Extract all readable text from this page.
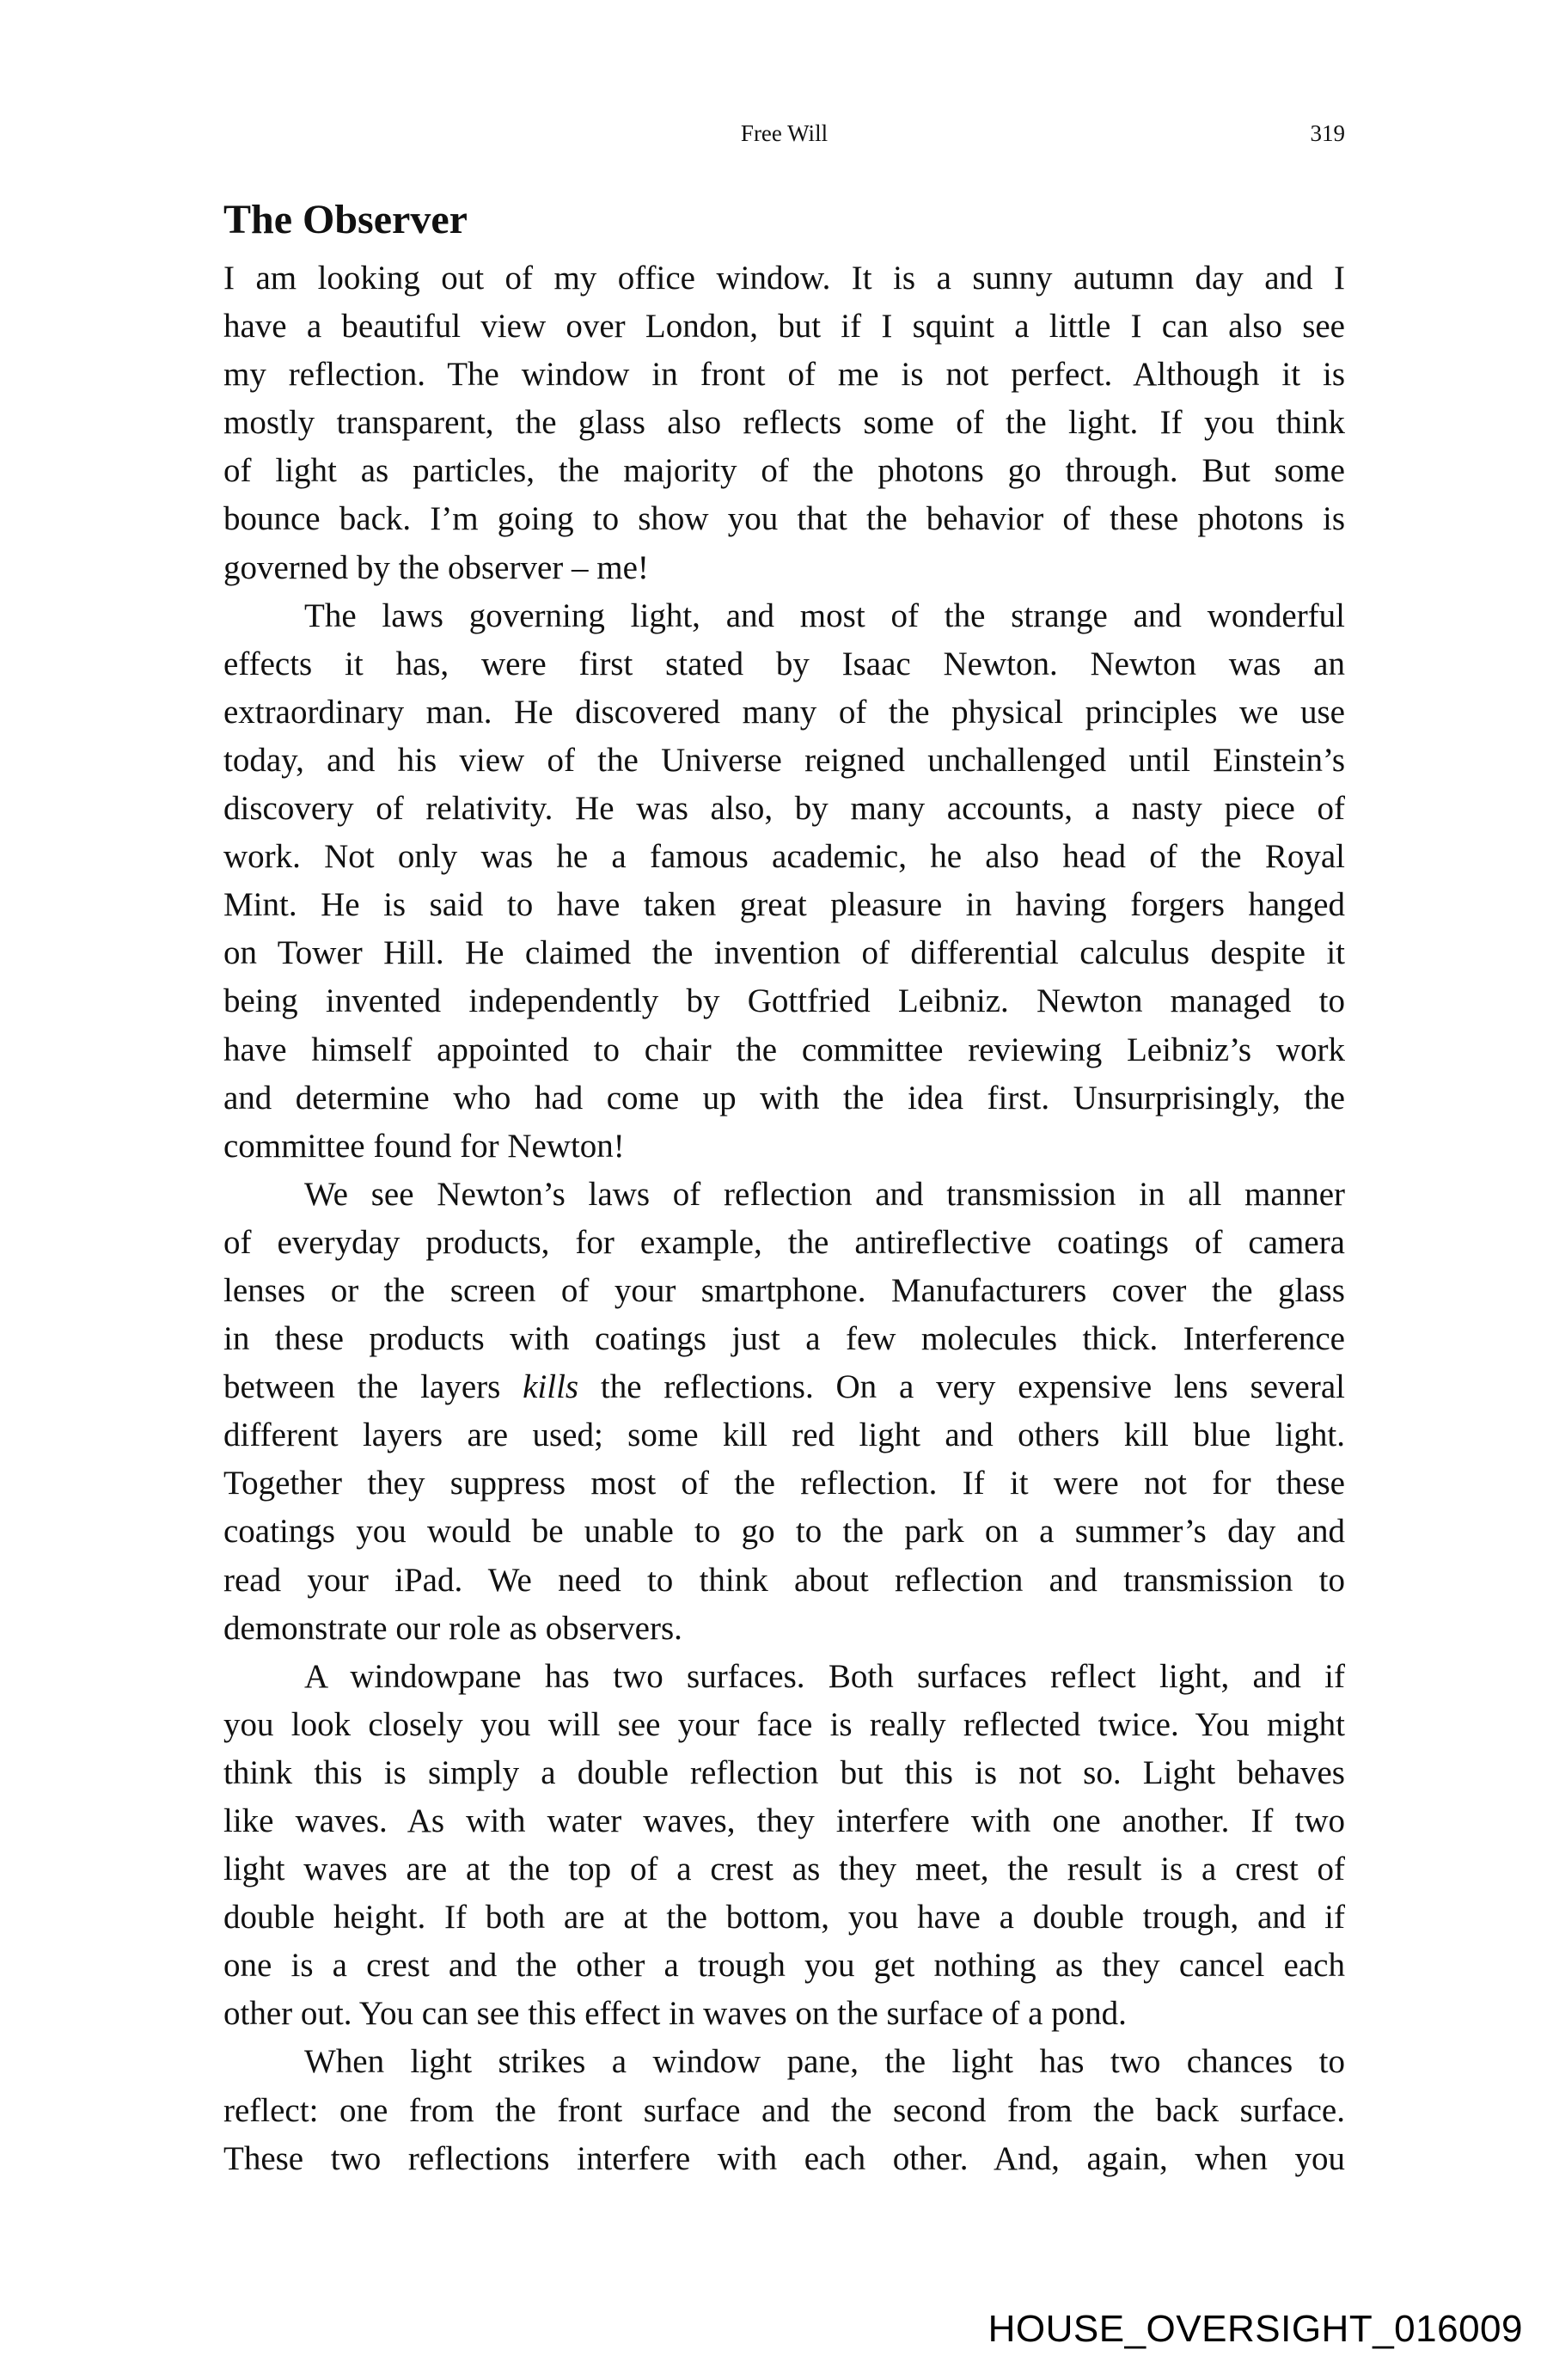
Free Will	319
The Observer
I am looking out of my office window. It is a sunny autumn day and I
have a beautiful view over London, but if I squint a little I can also see
my reflection. The window in front of me is not perfect. Although it is
mostly transparent, the glass also reflects some of the light. If you think
of light as particles, the majority of the photons go through. But some
bounce back. I’m going to show you that the behavior of these photons is
governed by the observer – me!
The laws governing light, and most of the strange and wonderful
effects it has, were first stated by Isaac Newton. Newton was an
extraordinary man. He discovered many of the physical principles we use
today, and his view of the Universe reigned unchallenged until Einstein’s
discovery of relativity. He was also, by many accounts, a nasty piece of
work. Not only was he a famous academic, he also head of the Royal
Mint. He is said to have taken great pleasure in having forgers hanged
on Tower Hill. He claimed the invention of differential calculus despite it
being invented independently by Gottfried Leibniz. Newton managed to
have himself appointed to chair the committee reviewing Leibniz’s work
and determine who had come up with the idea first. Unsurprisingly, the
committee found for Newton!
We see Newton’s laws of reflection and transmission in all manner
of everyday products, for example, the antireflective coatings of camera
lenses or the screen of your smartphone. Manufacturers cover the glass
in these products with coatings just a few molecules thick. Interference
between the layers kills the reflections. On a very expensive lens several
different layers are used; some kill red light and others kill blue light.
Together they suppress most of the reflection. If it were not for these
coatings you would be unable to go to the park on a summer’s day and
read your iPad. We need to think about reflection and transmission to
demonstrate our role as observers.
A windowpane has two surfaces. Both surfaces reflect light, and if
you look closely you will see your face is really reflected twice. You might
think this is simply a double reflection but this is not so. Light behaves
like waves. As with water waves, they interfere with one another. If two
light waves are at the top of a crest as they meet, the result is a crest of
double height. If both are at the bottom, you have a double trough, and if
one is a crest and the other a trough you get nothing as they cancel each
other out. You can see this effect in waves on the surface of a pond.
When light strikes a window pane, the light has two chances to
reflect: one from the front surface and the second from the back surface.
These two reflections interfere with each other. And, again, when you
HOUSE_OVERSIGHT_016009
